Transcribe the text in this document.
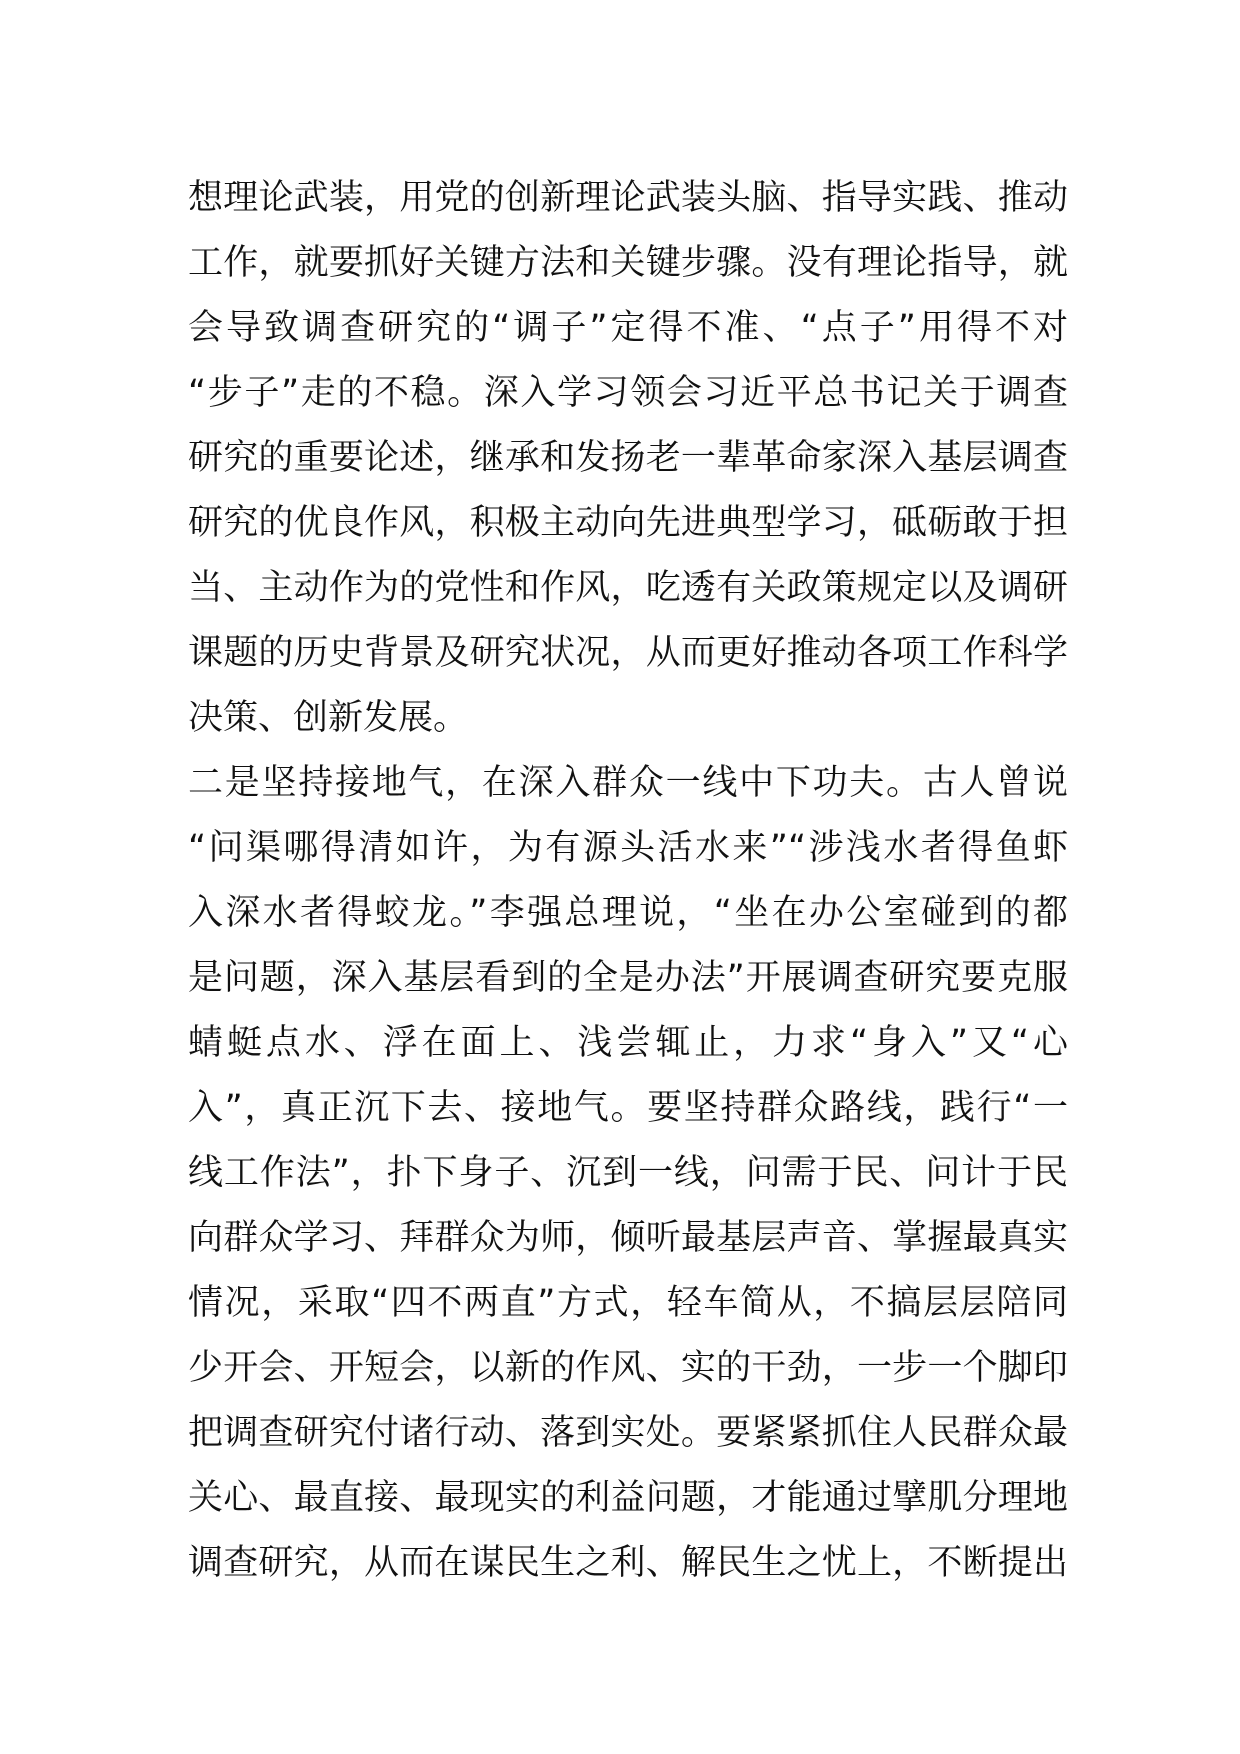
想理论武装，用党的创新理论武装头脑、指导实践、推动
工作，就要抓好关键方法和关键步骤。没有理论指导，就
会导致调查研究的“调子”定得不准、“点子”用得不对
“步子”走的不稳。深入学习领会习近平总书记关于调查
研究的重要论述，继承和发扬老一辈革命家深入基层调查
研究的优良作风，积极主动向先进典型学习，砥砺敢于担
当、主动作为的党性和作风，吃透有关政策规定以及调研
课题的历史背景及研究状况，从而更好推动各项工作科学
决策、创新发展。
二是坚持接地气，在深入群众一线中下功夫。古人曾说
“问渠哪得清如许，为有源头活水来”“涉浅水者得鱼虾
入深水者得蛟龙。”李强总理说，“坐在办公室碰到的都
是问题，深入基层看到的全是办法”开展调查研究要克服
蜻蜓点水、浮在面上、浅尝辄止，力求“身入”又“心
入”，真正沉下去、接地气。要坚持群众路线，践行“一
线工作法”，扑下身子、沉到一线，问需于民、问计于民
向群众学习、拜群众为师，倾听最基层声音、掌握最真实
情况，采取“四不两直”方式，轻车简从，不搞层层陪同
少开会、开短会，以新的作风、实的干劲，一步一个脚印
把调查研究付诸行动、落到实处。要紧紧抓住人民群众最
关心、最直接、最现实的利益问题，才能通过擘肌分理地
调查研究，从而在谋民生之利、解民生之忧上，不断提出
